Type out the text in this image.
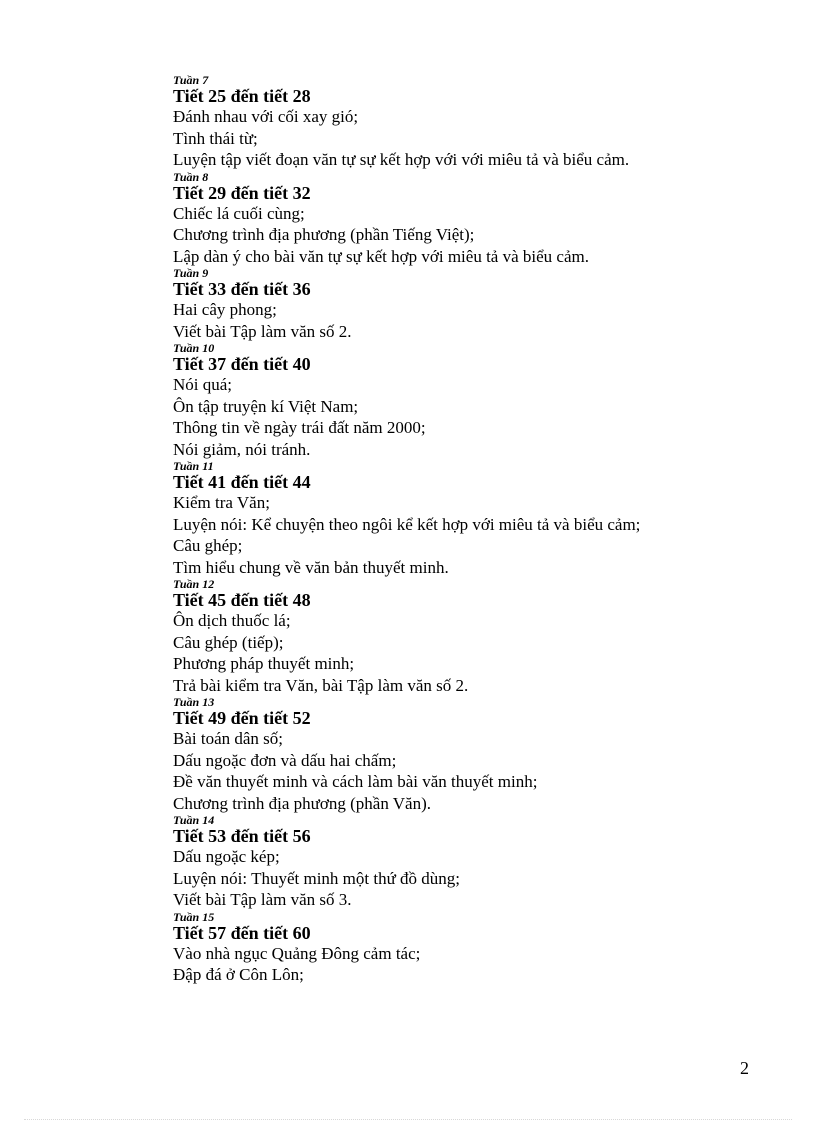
Tuần 7
Tiết 25 đến tiết 28
Đánh nhau với cối xay gió;
Tình thái từ;
Luyện tập viết đoạn văn tự sự kết hợp với với miêu tả và biểu cảm.
Tuần 8
Tiết 29 đến tiết 32
Chiếc lá cuối cùng;
Chương trình địa phương (phần Tiếng Việt);
Lập dàn ý cho bài văn tự sự kết hợp với miêu tả và biểu cảm.
Tuần 9
Tiết 33 đến tiết 36
Hai cây phong;
Viết bài Tập làm văn số 2.
Tuần 10
Tiết 37 đến tiết 40
Nói quá;
Ôn tập truyện kí Việt Nam;
Thông tin về ngày trái đất năm 2000;
Nói giảm, nói tránh.
Tuần 11
Tiết 41 đến tiết 44
Kiểm tra Văn;
Luyện nói: Kể chuyện theo ngôi kể kết hợp với miêu tả và biểu cảm;
Câu ghép;
Tìm hiểu chung về văn bản thuyết minh.
Tuần 12
Tiết 45 đến tiết 48
Ôn dịch thuốc lá;
Câu ghép (tiếp);
Phương pháp thuyết minh;
Trả bài kiểm tra Văn, bài Tập làm văn số 2.
Tuần 13
Tiết 49 đến tiết 52
Bài toán dân số;
Dấu ngoặc đơn và dấu hai chấm;
Đề văn thuyết minh và cách làm bài văn thuyết minh;
Chương trình địa phương (phần Văn).
Tuần 14
Tiết 53 đến tiết 56
Dấu ngoặc kép;
Luyện nói: Thuyết minh một thứ đồ dùng;
Viết bài Tập làm văn số 3.
Tuần 15
Tiết 57 đến tiết 60
Vào nhà ngục Quảng Đông cảm tác;
Đập đá ở Côn Lôn;
2
